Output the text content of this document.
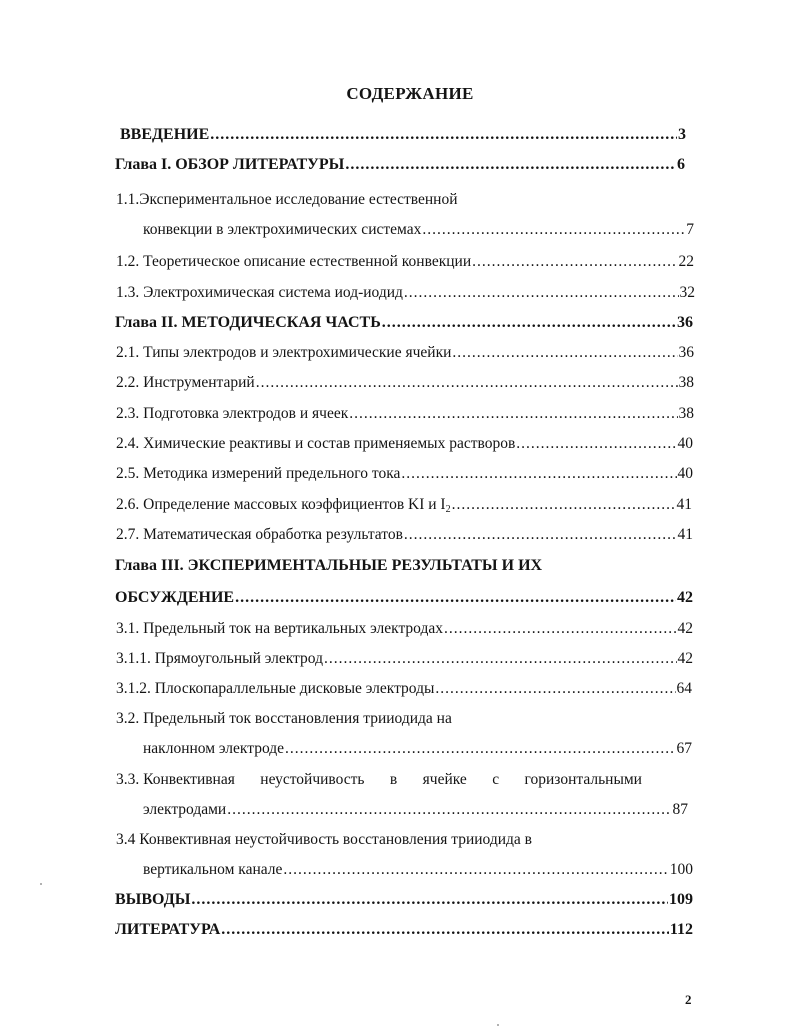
СОДЕРЖАНИЕ
ВВЕДЕНИЕ .....	3
Глава I. ОБЗОР ЛИТЕРАТУРЫ .....	6
1.1.Экспериментальное исследование естественной
конвекции в электрохимических системах .....	7
1.2. Теоретическое описание естественной конвекции .....	22
1.3. Электрохимическая система иод-иодид .....	32
Глава II. МЕТОДИЧЕСКАЯ ЧАСТЬ .....	36
2.1. Типы электродов и электрохимические ячейки .....	36
2.2. Инструментарий .....	38
2.3. Подготовка электродов и ячеек .....	38
2.4. Химические реактивы и состав применяемых растворов .....	40
2.5. Методика измерений предельного тока .....	40
2.6. Определение массовых коэффициентов KI и $I_2$ .....	41
2.7. Математическая обработка результатов .....	41
Глава III. ЭКСПЕРИМЕНТАЛЬНЫЕ РЕЗУЛЬТАТЫ И ИХ
ОБСУЖДЕНИЕ .....	42
3.1. Предельный ток на вертикальных электродах .....	42
3.1.1. Прямоугольный электрод .....	42
3.1.2. Плоскопараллельные дисковые электроды .....	64
3.2. Предельный ток восстановления трииодида на
наклонном электроде .....	67
3.3. Конвективная неустойчивость в ячейке с горизонтальными
электродами .....	87
3.4 Конвективная неустойчивость восстановления трииодида в
вертикальном канале .....	100
ВЫВОДЫ .....	109
ЛИТЕРАТУРА .....	112
2
